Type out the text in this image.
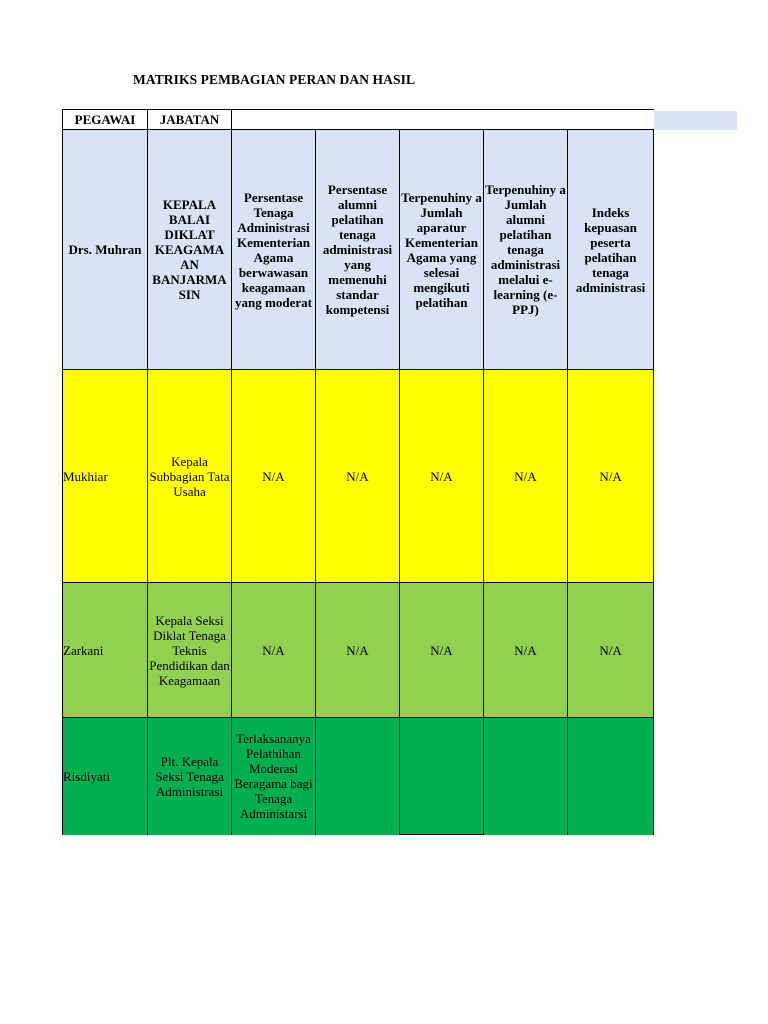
MATRIKS PEMBAGIAN PERAN DAN HASIL
PEGAWAI	JABATAN					
Drs. Muhran	KEPALA BALAI DIKLAT KEAGAMA AN BANJARMA SIN	Persentase Tenaga Administrasi Kementerian Agama berwawasan keagamaan yang moderat	Persentase alumni pelatihan tenaga administrasi yang memenuhi standar kompetensi	Terpenuhiny a Jumlah aparatur Kementerian Agama yang selesai mengikuti pelatihan	Terpenuhiny a Jumlah alumni pelatihan tenaga administrasi melalui e-learning (e-PPJ)	Indeks kepuasan peserta pelatihan tenaga administrasi
Mukhiar	Kepala Subbagian Tata Usaha	N/A	N/A	N/A	N/A	N/A
Zarkani	Kepala Seksi Diklat Tenaga Teknis Pendidikan dan Keagamaan	N/A	N/A	N/A	N/A	N/A
Risdiyati	Plt. Kepala Seksi Tenaga Administrasi	Terlaksananya Pelathihan Moderasi Beragama bagi Tenaga Administarsi				
